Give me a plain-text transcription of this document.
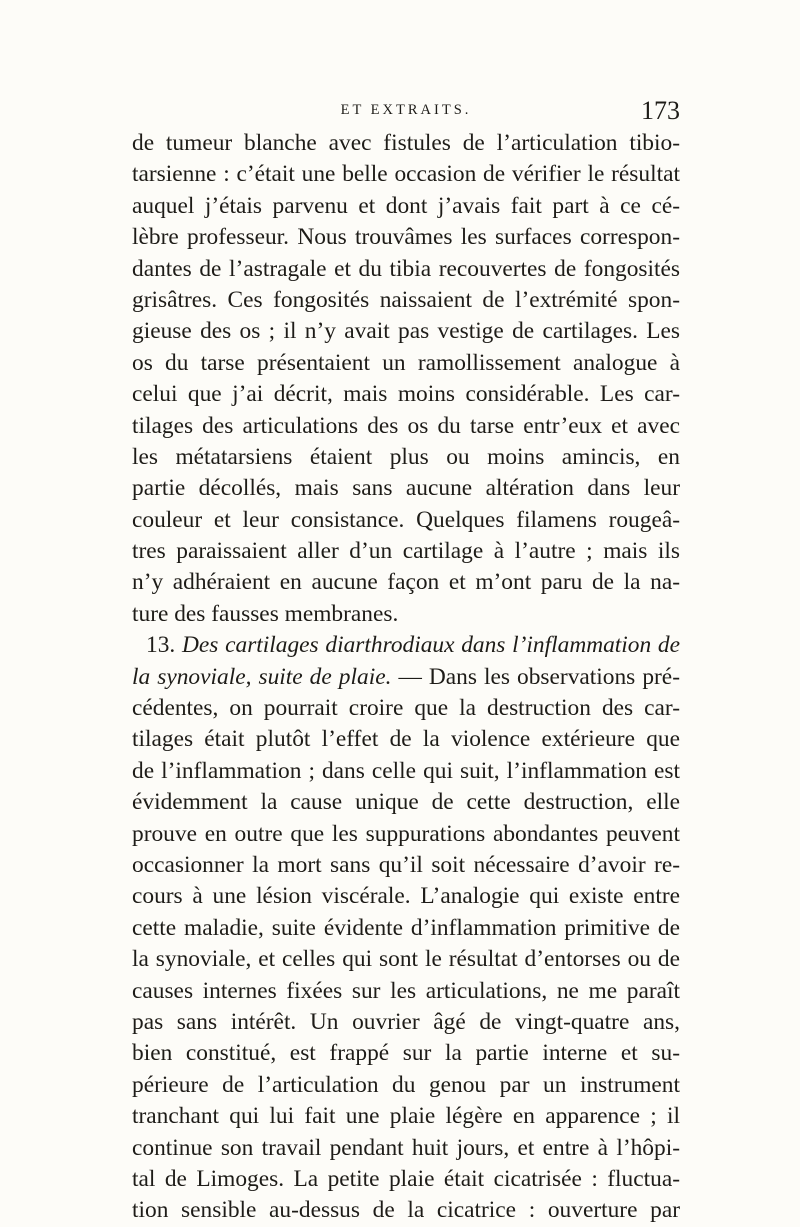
ET EXTRAITS.	173
de tumeur blanche avec fistules de l’articulation tibio-
tarsienne : c’était une belle occasion de vérifier le résultat
auquel j’étais parvenu et dont j’avais fait part à ce cé-
lèbre professeur. Nous trouvâmes les surfaces correspon-
dantes de l’astragale et du tibia recouvertes de fongosités
grisâtres. Ces fongosités naissaient de l’extrémité spon-
gieuse des os ; il n’y avait pas vestige de cartilages. Les
os du tarse présentaient un ramollissement analogue à
celui que j’ai décrit, mais moins considérable. Les car-
tilages des articulations des os du tarse entr’eux et avec
les métatarsiens étaient plus ou moins amincis, en
partie décollés, mais sans aucune altération dans leur
couleur et leur consistance. Quelques filamens rougeâ-
tres paraissaient aller d’un cartilage à l’autre ; mais ils
n’y adhéraient en aucune façon et m’ont paru de la na-
ture des fausses membranes.
13. Des cartilages diarthrodiaux dans l’inflammation de
la synoviale, suite de plaie. — Dans les observations pré-
cédentes, on pourrait croire que la destruction des car-
tilages était plutôt l’effet de la violence extérieure que
de l’inflammation ; dans celle qui suit, l’inflammation est
évidemment la cause unique de cette destruction, elle
prouve en outre que les suppurations abondantes peuvent
occasionner la mort sans qu’il soit nécessaire d’avoir re-
cours à une lésion viscérale. L’analogie qui existe entre
cette maladie, suite évidente d’inflammation primitive de
la synoviale, et celles qui sont le résultat d’entorses ou de
causes internes fixées sur les articulations, ne me paraît
pas sans intérêt. Un ouvrier âgé de vingt-quatre ans,
bien constitué, est frappé sur la partie interne et su-
périeure de l’articulation du genou par un instrument
tranchant qui lui fait une plaie légère en apparence ; il
continue son travail pendant huit jours, et entre à l’hôpi-
tal de Limoges. La petite plaie était cicatrisée : fluctua-
tion sensible au-dessus de la cicatrice : ouverture par
